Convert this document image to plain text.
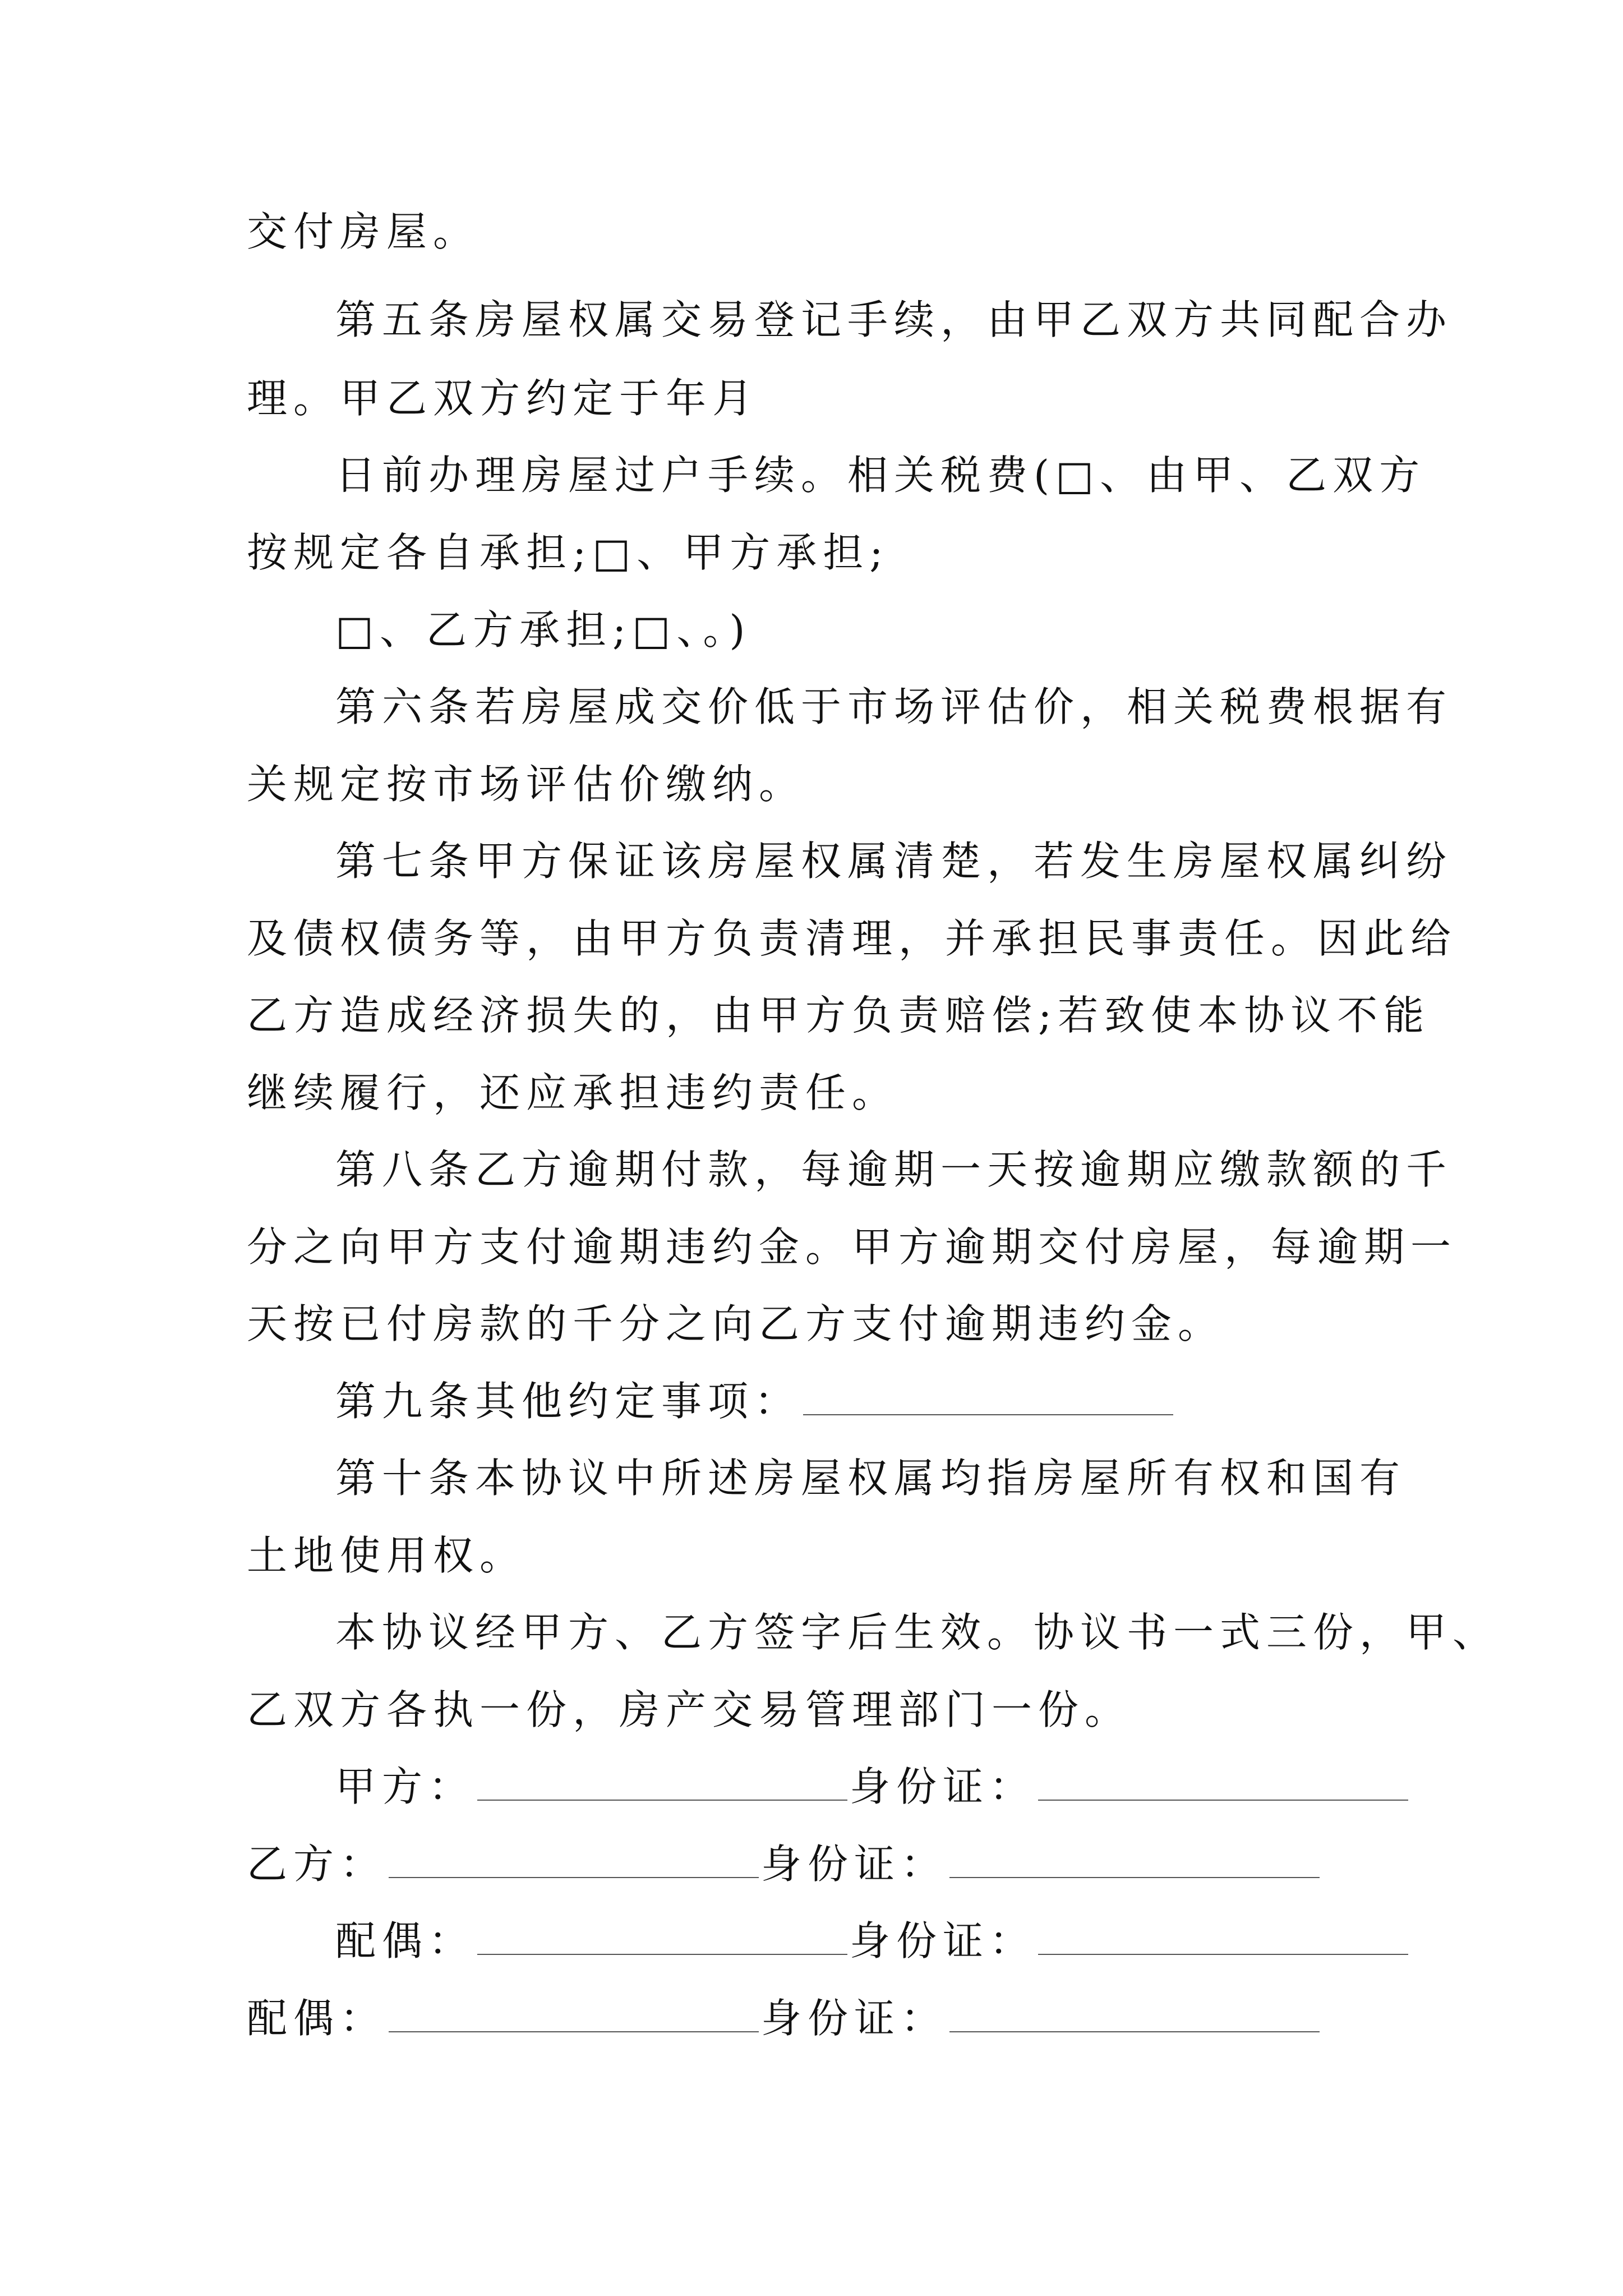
交付房屋。
第五条房屋权属交易登记手续，由甲乙双方共同配合办
理。甲乙双方约定于年月
日前办理房屋过户手续。相关税费(□、由甲、乙双方
按规定各自承担;□、甲方承担;
□、乙方承担;□、。)
第六条若房屋成交价低于市场评估价，相关税费根据有
关规定按市场评估价缴纳。
第七条甲方保证该房屋权属清楚，若发生房屋权属纠纷
及债权债务等，由甲方负责清理，并承担民事责任。因此给
乙方造成经济损失的，由甲方负责赔偿;若致使本协议不能
继续履行，还应承担违约责任。
第八条乙方逾期付款，每逾期一天按逾期应缴款额的千
分之向甲方支付逾期违约金。甲方逾期交付房屋，每逾期一
天按已付房款的千分之向乙方支付逾期违约金。
第九条其他约定事项：
第十条本协议中所述房屋权属均指房屋所有权和国有
土地使用权。
本协议经甲方、乙方签字后生效。协议书一式三份，甲、
乙双方各执一份，房产交易管理部门一份。
甲方：	身份证：
乙方：	身份证：
配偶：	身份证：
配偶：	身份证：
